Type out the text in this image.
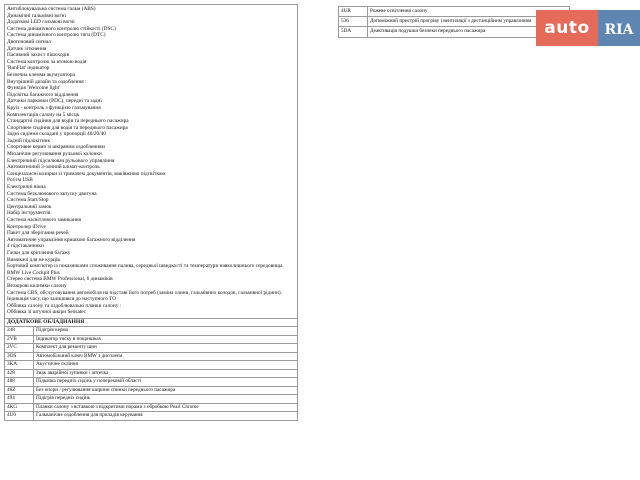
Антиблокувальна система гальм (ABS)
Динамічні гальмівні вогні
Додаткові LED гальмові вогні
Система динамічного контролю стійкості (DSC)
Система динамічного контролю тяги (DTC)
Двотоновий сигнал
Датчик зіткнення
Пасивний захист пішоходів
Система контролю за втомою водія
'RunFlat' індикатор
Безпечна клемма акумулятора
Внутрішній дизайн та оздоблення :
Функція 'Welcome light'
Підсвітка багажного відділення
Датчики парковки (PDC), передні та задні
Круїз - контроль з функцією гальмування
Комплектація салону на 5 місць
Стандартні сидіння для водія та переднього пасажира
Спортивне сидіння для водія та переднього пасажира
Задні сидіння складані у пропорції 40/20/40
Задній підлокітник
Спортивне кермо зі шкіряним оздобленням
Механічне регулювання рульової колонки
Електричний підсилювач рульового управління
Автоматичний 3-зонний клімат-контроль
Сонцезахисні козирки зі тримачем документів, маківжною підсвіткою
Роз'єм USB
Електричні вікна
Система безключового запуску двигуна
Система Start/Stop
Центральний замок
Набір інструментів
Система насвітлового замикання
Контролер iDrive
Пакет для зберігання речей
Автоматичне управління кришкою багажного відділення
4 підстаканники
Гачки для кріплення багажу
Вимикачі для не курців
Бортовий комп'ютер із показниками споживання палива, середньої швидкості та температури навколишнього середовища
BMW Live Cockpit Plus
Стерео система BMW Professional, 6 динаміків
Велюрові килимки салону
Система CBS, обслуговування автомобіля на підставі його потреб (заміна олини, гальмівних колодок, гальмівної рідини).
Індикація часу, що залишився до наступного ТО
Оббивка салону та оздоблювальні планки салону :
Оббивка зі штучної шкіри Sensatec
ДОДАТКОВЕ ОБЛАДНАННЯ
248	Підігрів керма
2VB	Індикатор тиску в покришках
2VC	Комплект для ремонту шин
3OS	Автомобільний ключ BMW з дисплеєм
3KA	Акустичне скління
428	Знак аварійної зупинки і аптечка
488	Підкачка передніх сидінь у поперековій області
48Z	Без опори / регулювання ширини спинки переднього пасажира
494	Підігрів передніх сидінь
4KG	Планки салону з вставкою з відкритими порами з обробкою Pearl Chrome
4U0	Гальванічне оздоблення для приладів керування
4UR	Рожеве освітлення салону
536	Допоміжний пристрій прогріву і вентиляції з дистанційним управлінням
5DA	Деактивація подушки безпеки переднього пасажира	auto	RIA
